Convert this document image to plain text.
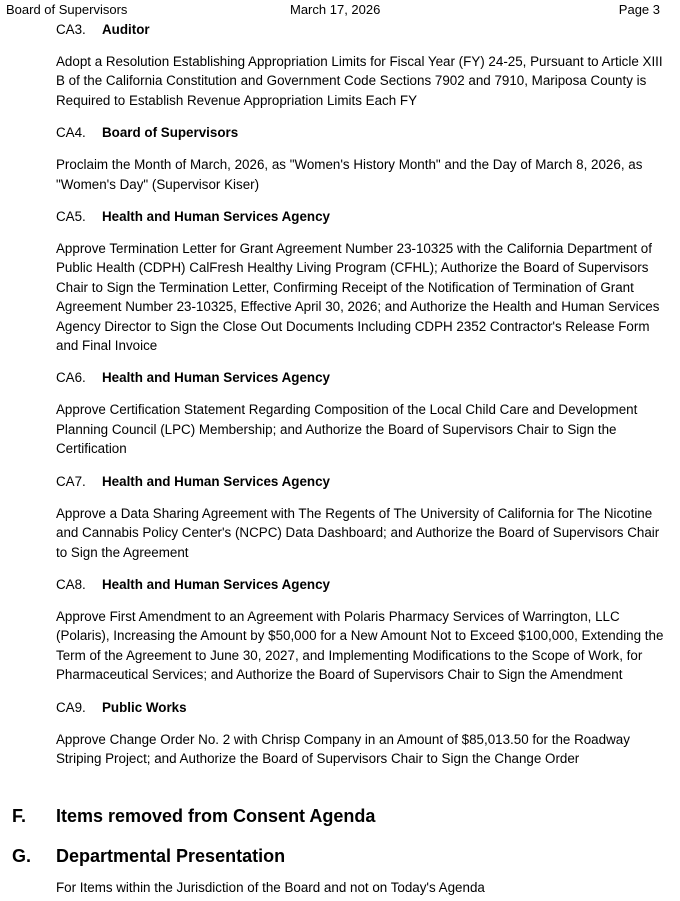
Board of Supervisors	March 17, 2026	Page 3
CA3. Auditor
Adopt a Resolution Establishing Appropriation Limits for Fiscal Year (FY) 24-25, Pursuant to Article XIII B of the California Constitution and Government Code Sections 7902 and 7910, Mariposa County is Required to Establish Revenue Appropriation Limits Each FY
CA4. Board of Supervisors
Proclaim the Month of March, 2026, as "Women's History Month" and the Day of March 8, 2026, as "Women's Day" (Supervisor Kiser)
CA5. Health and Human Services Agency
Approve Termination Letter for Grant Agreement Number 23-10325 with the California Department of Public Health (CDPH) CalFresh Healthy Living Program (CFHL); Authorize the Board of Supervisors Chair to Sign the Termination Letter, Confirming Receipt of the Notification of Termination of Grant Agreement Number 23-10325, Effective April 30, 2026; and Authorize the Health and Human Services Agency Director to Sign the Close Out Documents Including CDPH 2352 Contractor's Release Form and Final Invoice
CA6. Health and Human Services Agency
Approve Certification Statement Regarding Composition of the Local Child Care and Development Planning Council (LPC) Membership; and Authorize the Board of Supervisors Chair to Sign the Certification
CA7. Health and Human Services Agency
Approve a Data Sharing Agreement with The Regents of The University of California for The Nicotine and Cannabis Policy Center's (NCPC) Data Dashboard; and Authorize the Board of Supervisors Chair to Sign the Agreement
CA8. Health and Human Services Agency
Approve First Amendment to an Agreement with Polaris Pharmacy Services of Warrington, LLC (Polaris), Increasing the Amount by $50,000 for a New Amount Not to Exceed $100,000, Extending the Term of the Agreement to June 30, 2027, and Implementing Modifications to the Scope of Work, for Pharmaceutical Services; and Authorize the Board of Supervisors Chair to Sign the Amendment
CA9. Public Works
Approve Change Order No. 2 with Chrisp Company in an Amount of $85,013.50 for the Roadway Striping Project; and Authorize the Board of Supervisors Chair to Sign the Change Order
F. Items removed from Consent Agenda
G. Departmental Presentation
For Items within the Jurisdiction of the Board and not on Today's Agenda
